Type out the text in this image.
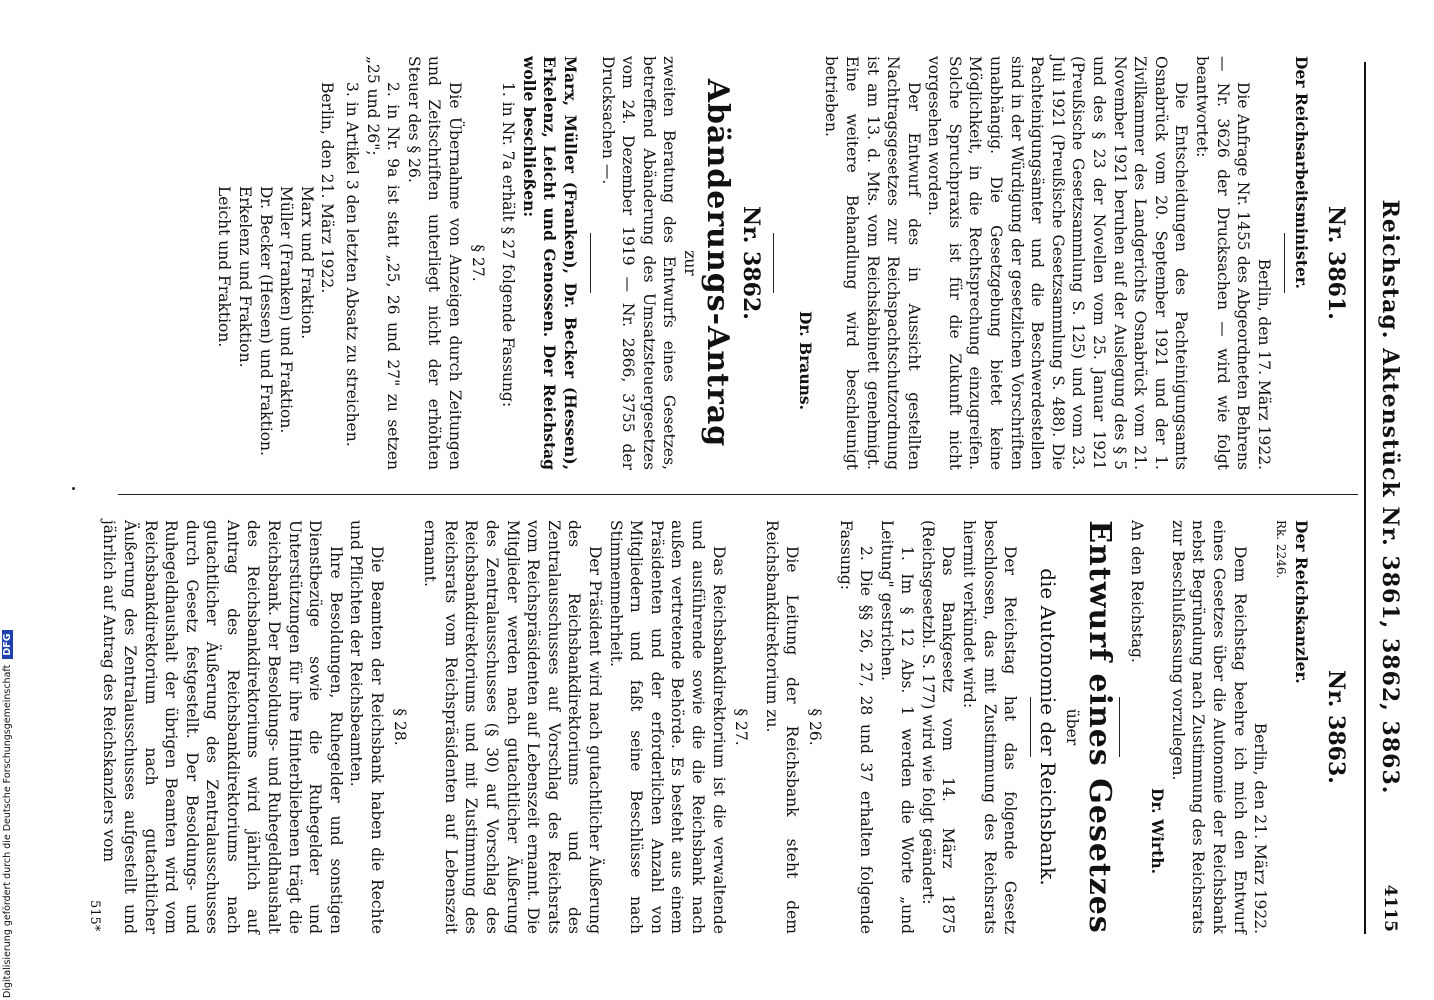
Reichstag. Aktenstück Nr. 3861, 3862, 3863.
4115
Nr. 3861.

Der Reichsarbeitsminister.

Berlin, den 17. März 1922.

Die Anfrage Nr. 1455 des Abgeordneten Behrens — Nr. 3626 der Drucksachen — wird wie folgt beantwortet:

Die Entscheidungen des Pachteinigungsamts Osnabrück vom 20. September 1921 und der 1. Zivilkammer des Landgerichts Osnabrück vom 21. November 1921 beruhen auf der Auslegung des § 5 und des § 23 der Novellen vom 25. Januar 1921 (Preußische Gesetzsammlung S. 125) und vom 23. Juli 1921 (Preußische Gesetzsammlung S. 488). Die Pachteinigungsämter und die Beschwerdestellen sind in der Würdigung der gesetzlichen Vorschriften unabhängig. Die Gesetzgebung bietet keine Möglichkeit, in die Rechtsprechung einzugreifen. Solche Spruchpraxis ist für die Zukunft nicht vorgesehen worden.

Der Entwurf des in Aussicht gestellten Nachtragsgesetzes zur Reichspachtschutzordnung ist am 13. d. Mts. vom Reichskabinett genehmigt. Eine weitere Behandlung wird beschleunigt betrieben.

Dr. Brauns.

Nr. 3862.
Abänderungs-Antrag
zur

zweiten Beratung des Entwurfs eines Gesetzes, betreffend Abänderung des Umsatzsteuergesetzes vom 24. Dezember 1919 — Nr. 2866, 3755 der Drucksachen —.

Marx, Müller (Franken), Dr. Becker (Hessen), Erkelenz, Leicht und Genossen. Der Reichstag wolle beschließen:

1. in Nr. 7a erhält § 27 folgende Fassung:

§ 27.

Die Übernahme von Anzeigen durch Zeitungen und Zeitschriften unterliegt nicht der erhöhten Steuer des § 26.

2. in Nr. 9a ist statt „25, 26 und 27" zu setzen „25 und 26";

3. in Artikel 3 den letzten Absatz zu streichen.

Berlin, den 21. März 1922.

Marx und Fraktion.
Müller (Franken) und Fraktion.
Dr. Becker (Hessen) und Fraktion.
Erkelenz und Fraktion.
Leicht und Fraktion.
Nr. 3863.

Der Reichskanzler.

Rk. 2246.

Berlin, den 21. März 1922.

Dem Reichstag beehre ich mich den Entwurf eines Gesetzes über die Autonomie der Reichsbank nebst Begründung nach Zustimmung des Reichsrats zur Beschlußfassung vorzulegen.

Dr. Wirth.

An den Reichstag.

Entwurf eines Gesetzes
über
die Autonomie der Reichsbank.

Der Reichstag hat das folgende Gesetz beschlossen, das mit Zustimmung des Reichsrats hiermit verkündet wird:

Das Bankgesetz vom 14. März 1875 (Reichsgesetzbl. S. 177) wird wie folgt geändert:

1. Im § 12 Abs. 1 werden die Worte „und Leitung" gestrichen.

2. Die §§ 26, 27, 28 und 37 erhalten folgende Fassung:

§ 26.

Die Leitung der Reichsbank steht dem Reichsbankdirektorium zu.

§ 27.

Das Reichsbankdirektorium ist die verwaltende und ausführende sowie die die Reichsbank nach außen vertretende Behörde. Es besteht aus einem Präsidenten und der erforderlichen Anzahl von Mitgliedern und faßt seine Beschlüsse nach Stimmenmehrheit.

Der Präsident wird nach gutachtlicher Äußerung des Reichsbankdirektoriums und des Zentralausschusses auf Vorschlag des Reichsrats vom Reichspräsidenten auf Lebenszeit ernannt. Die Mitglieder werden nach gutachtlicher Äußerung des Zentralausschusses (§ 30) auf Vorschlag des Reichsbankdirektoriums und mit Zustimmung des Reichsrats vom Reichspräsidenten auf Lebenszeit ernannt.

§ 28.

Die Beamten der Reichsbank haben die Rechte und Pflichten der Reichsbeamten.

Ihre Besoldungen, Ruhegelder und sonstigen Dienstbezüge sowie die Ruhegelder und Unterstützungen für ihre Hinterbliebenen trägt die Reichsbank. Der Besoldungs- und Ruhegeldhaushalt des Reichsbankdirektoriums wird jährlich auf Antrag des Reichsbankdirektoriums nach gutachtlicher Äußerung des Zentralausschusses durch Gesetz festgestellt. Der Besoldungs- und Ruhegeldhaushalt der übrigen Beamten wird vom Reichsbankdirektorium nach gutachtlicher Äußerung des Zentralausschusses aufgestellt und jährlich auf Antrag des Reichskanzlers vom

515*
Digitalisierung gefördert durch die Deutsche Forschungsgemeinschaft DFG
